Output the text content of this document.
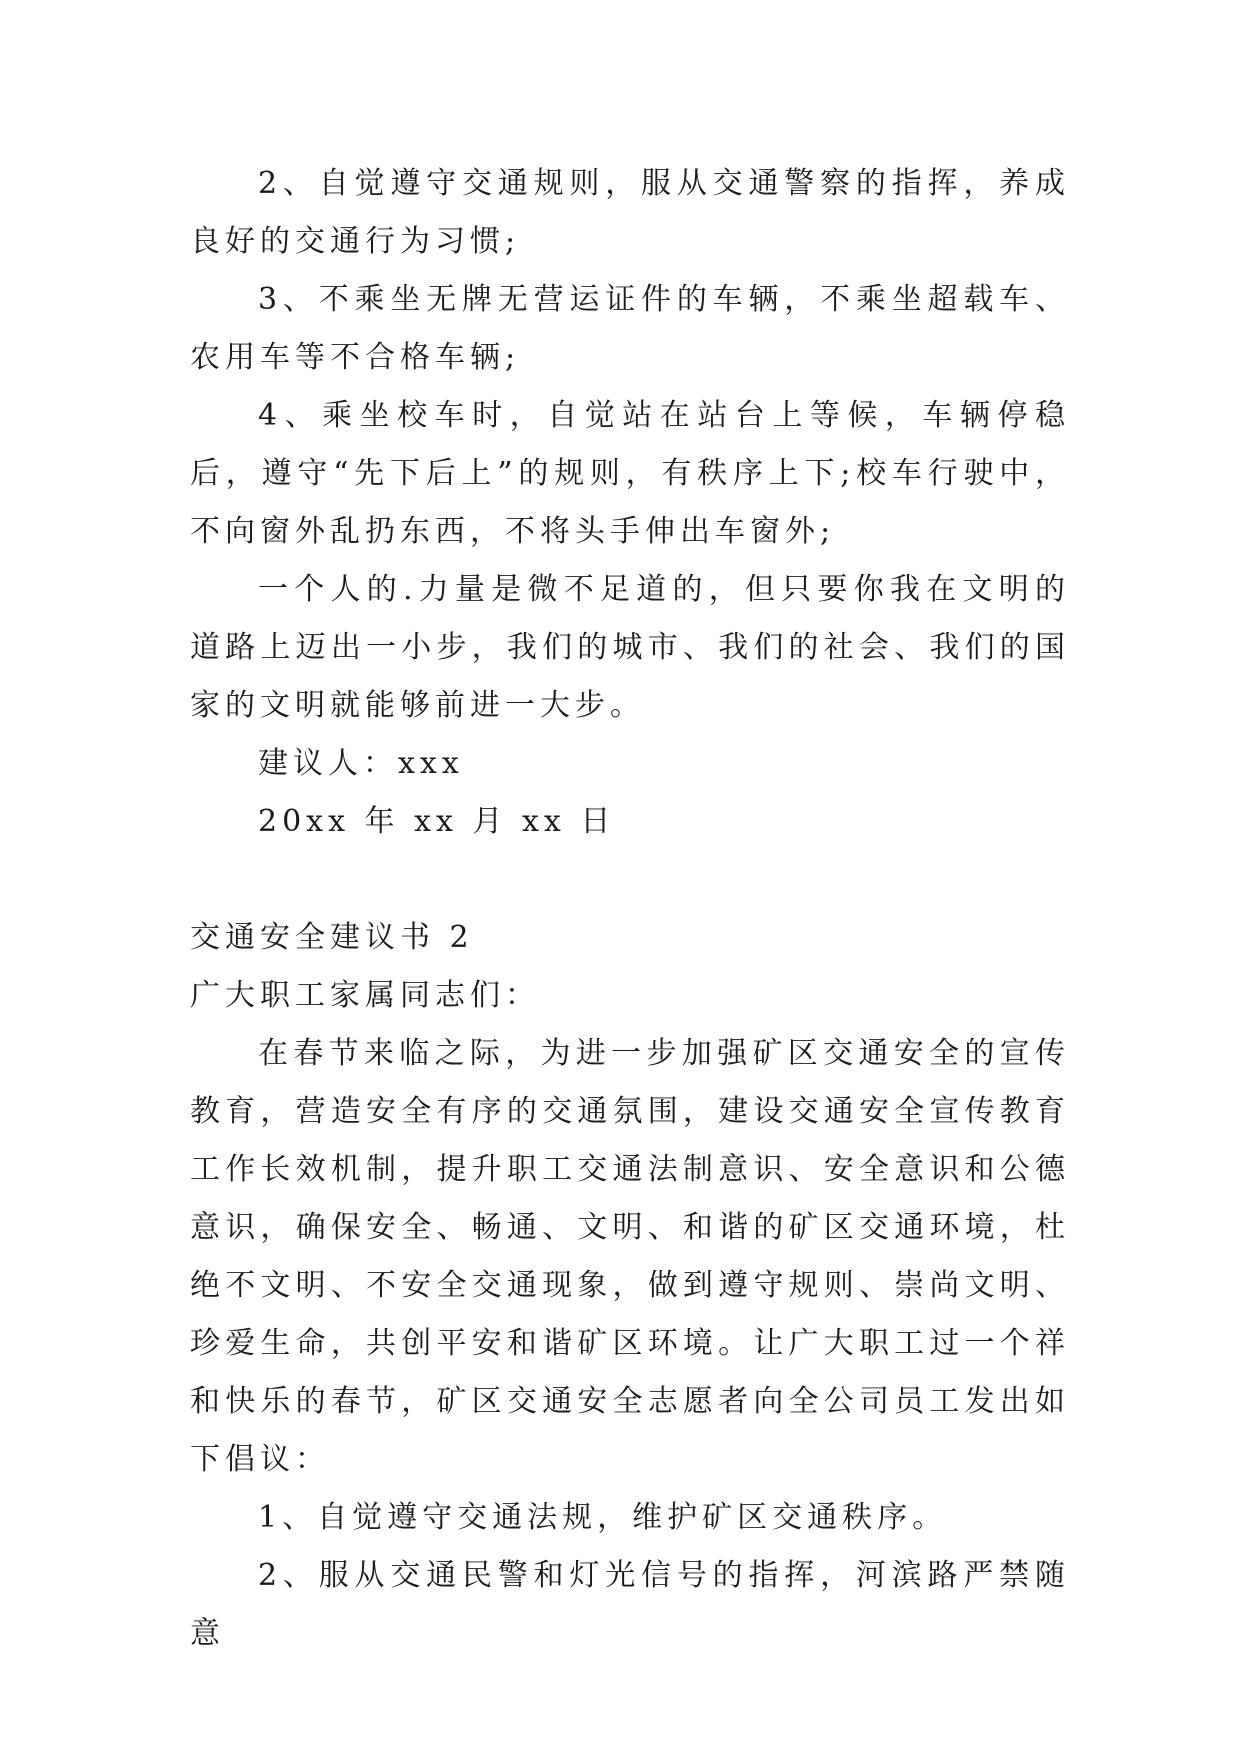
2、自觉遵守交通规则，服从交通警察的指挥，养成良好的交通行为习惯;

3、不乘坐无牌无营运证件的车辆，不乘坐超载车、农用车等不合格车辆;

4、乘坐校车时，自觉站在站台上等候，车辆停稳后，遵守“先下后上”的规则，有秩序上下;校车行驶中，不向窗外乱扔东西，不将头手伸出车窗外;

一个人的.力量是微不足道的，但只要你我在文明的道路上迈出一小步，我们的城市、我们的社会、我们的国家的文明就能够前进一大步。

建议人：xxx

20xx 年 xx 月 xx 日

交通安全建议书 2

广大职工家属同志们：

在春节来临之际，为进一步加强矿区交通安全的宣传教育，营造安全有序的交通氛围，建设交通安全宣传教育工作长效机制，提升职工交通法制意识、安全意识和公德意识，确保安全、畅通、文明、和谐的矿区交通环境，杜绝不文明、不安全交通现象，做到遵守规则、崇尚文明、珍爱生命，共创平安和谐矿区环境。让广大职工过一个祥和快乐的春节，矿区交通安全志愿者向全公司员工发出如下倡议：

1、自觉遵守交通法规，维护矿区交通秩序。

2、服从交通民警和灯光信号的指挥，河滨路严禁随意
